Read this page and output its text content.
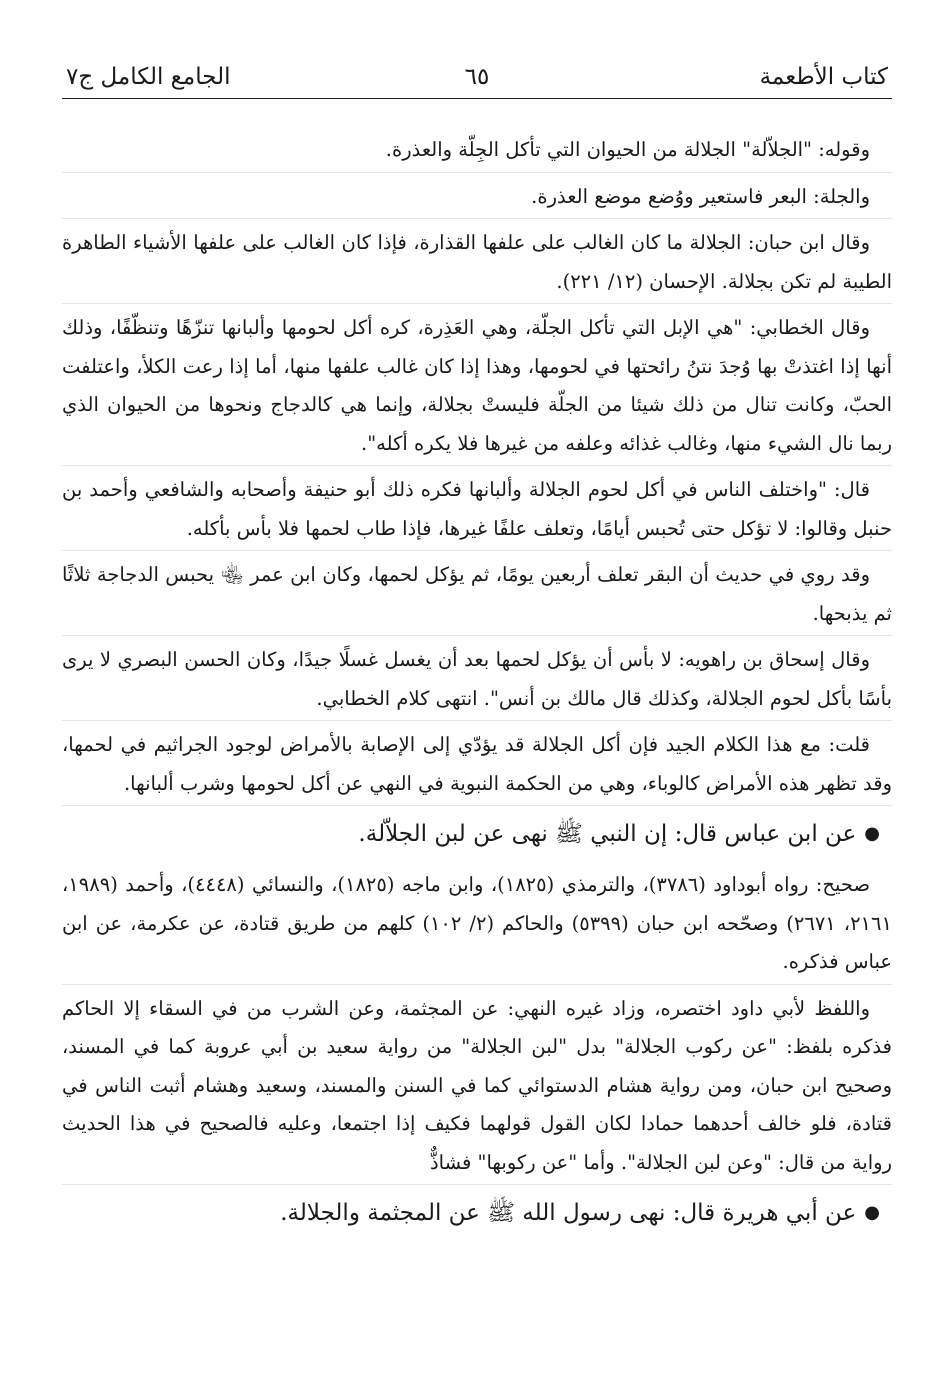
كتاب الأطعمة
٦٥
الجامع الكامل ج٧

وقوله: "الجلاّلة" الجلالة من الحيوان التي تأكل الجِلّة والعذرة.

والجلة: البعر فاستعير ووُضع موضع العذرة.

وقال ابن حبان: الجلالة ما كان الغالب على علفها القذارة، فإذا كان الغالب على علفها الأشياء الطاهرة الطيبة لم تكن بجلالة. الإحسان (١٢/ ٢٢١).

وقال الخطابي: "هي الإبل التي تأكل الجلّة، وهي العَذِرة، كره أكل لحومها وألبانها تنزّهًا وتنظّفًا، وذلك أنها إذا اغتذتْ بها وُجدَ نتنُ رائحتها في لحومها، وهذا إذا كان غالب علفها منها، أما إذا رعت الكلأ، واعتلفت الحبّ، وكانت تنال من ذلك شيئا من الجلّة فليستْ بجلالة، وإنما هي كالدجاج ونحوها من الحيوان الذي ربما نال الشيء منها، وغالب غذائه وعلفه من غيرها فلا يكره أكله".

قال: "واختلف الناس في أكل لحوم الجلالة وألبانها فكره ذلك أبو حنيفة وأصحابه والشافعي وأحمد بن حنبل وقالوا: لا تؤكل حتى تُحبس أيامًا، وتعلف علفًا غيرها، فإذا طاب لحمها فلا بأس بأكله.

وقد روي في حديث أن البقر تعلف أربعين يومًا، ثم يؤكل لحمها، وكان ابن عمر ﵄ يحبس الدجاجة ثلاثًا ثم يذبحها.

وقال إسحاق بن راهويه: لا بأس أن يؤكل لحمها بعد أن يغسل غسلًا جيدًا، وكان الحسن البصري لا يرى بأسًا بأكل لحوم الجلالة، وكذلك قال مالك بن أنس". انتهى كلام الخطابي.

قلت: مع هذا الكلام الجيد فإن أكل الجلالة قد يؤدّي إلى الإصابة بالأمراض لوجود الجراثيم في لحمها، وقد تظهر هذه الأمراض كالوباء، وهي من الحكمة النبوية في النهي عن أكل لحومها وشرب ألبانها.

●عن ابن عباس قال: إن النبي ﷺ نهى عن لبن الجلاّلة.

صحيح: رواه أبوداود (٣٧٨٦)، والترمذي (١٨٢٥)، وابن ماجه (١٨٢٥)، والنسائي (٤٤٤٨)، وأحمد (١٩٨٩، ٢١٦١، ٢٦٧١) وصحّحه ابن حبان (٥٣٩٩) والحاكم (٢/ ١٠٢) كلهم من طريق قتادة، عن عكرمة، عن ابن عباس فذكره.

واللفظ لأبي داود اختصره، وزاد غيره النهي: عن المجثمة، وعن الشرب من في السقاء إلا الحاكم فذكره بلفظ: "عن ركوب الجلالة" بدل "لبن الجلالة" من رواية سعيد بن أبي عروبة كما في المسند، وصحيح ابن حبان، ومن رواية هشام الدستوائي كما في السنن والمسند، وسعيد وهشام أثبت الناس في قتادة، فلو خالف أحدهما حمادا لكان القول قولهما فكيف إذا اجتمعا، وعليه فالصحيح في هذا الحديث رواية من قال: "وعن لبن الجلالة". وأما "عن ركوبها" فشاذٌّ

●عن أبي هريرة قال: نهى رسول الله ﷺ عن المجثمة والجلالة.
